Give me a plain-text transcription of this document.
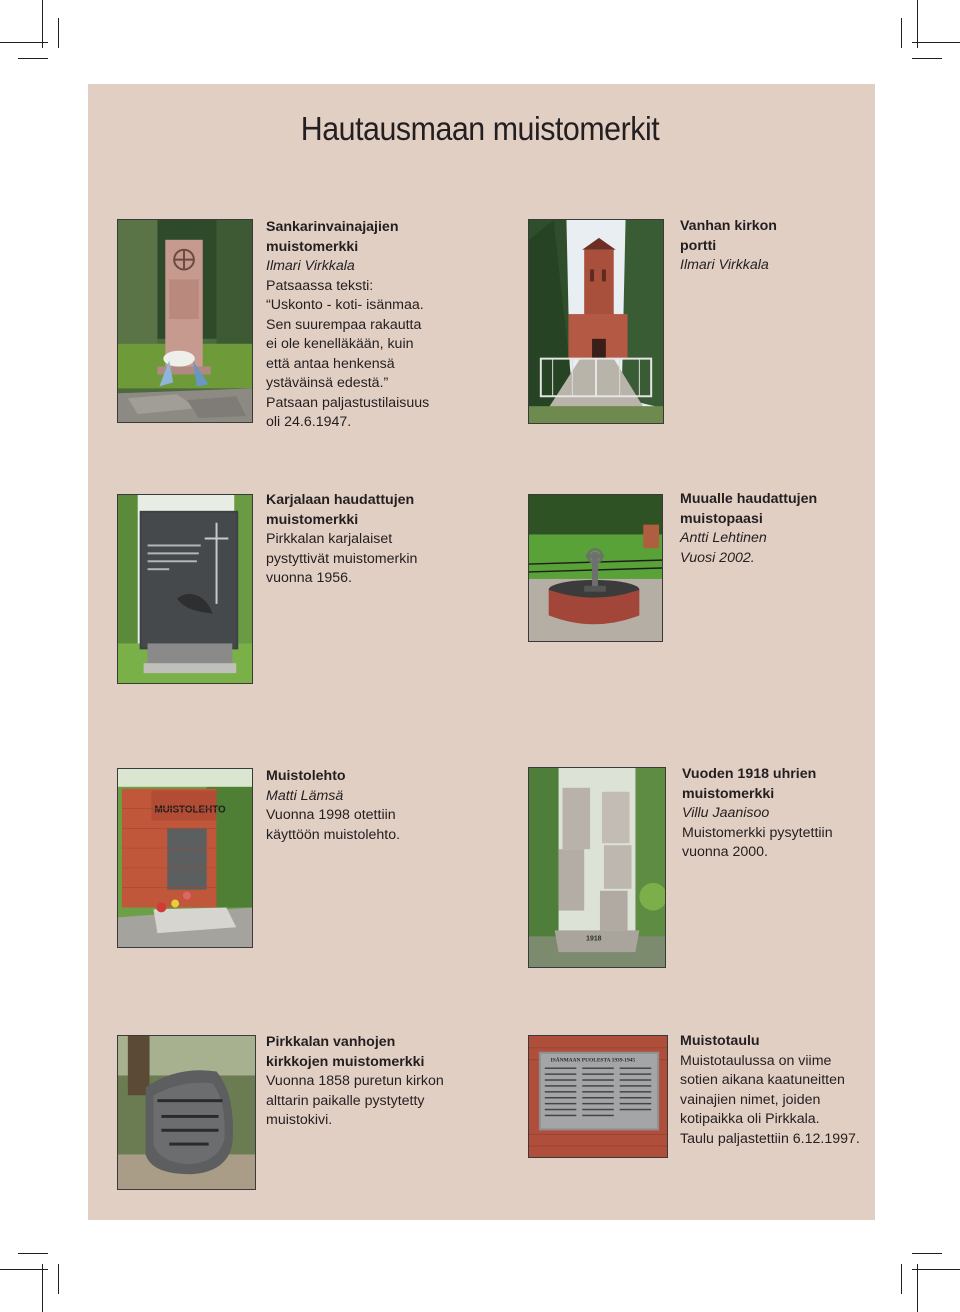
Hautausmaan muistomerkit
Sankarinvainajajien
muistomerkki
Ilmari Virkkala
Patsaassa teksti:
“Uskonto - koti- isänmaa.
Sen suurempaa rakautta
ei ole kenelläkään, kuin
että antaa henkensä
ystäväinsä edestä.”
Patsaan paljastustilaisuus
oli 24.6.1947.
Vanhan kirkon
portti
Ilmari Virkkala
Karjalaan haudattujen
muistomerkki
Pirkkalan karjalaiset
pystyttivät muistomerkin
vuonna 1956.
Muualle haudattujen
muistopaasi
Antti Lehtinen
Vuosi 2002.
MUISTOLEHTO
Muistolehto
Matti Lämsä
Vuonna 1998 otettiin
käyttöön muistolehto.
1918
Vuoden 1918 uhrien
muistomerkki
Villu Jaanisoo
Muistomerkki pysytettiin
vuonna 2000.
Pirkkalan vanhojen
kirkkojen muistomerkki
Vuonna 1858 puretun kirkon
alttarin paikalle pystytetty
muistokivi.
ISÄNMAAN PUOLESTA 1939-1945
Muistotaulu
Muistotaulussa on viime
sotien aikana kaatuneitten
vainajien nimet, joiden
kotipaikka oli Pirkkala.
Taulu paljastettiin 6.12.1997.
